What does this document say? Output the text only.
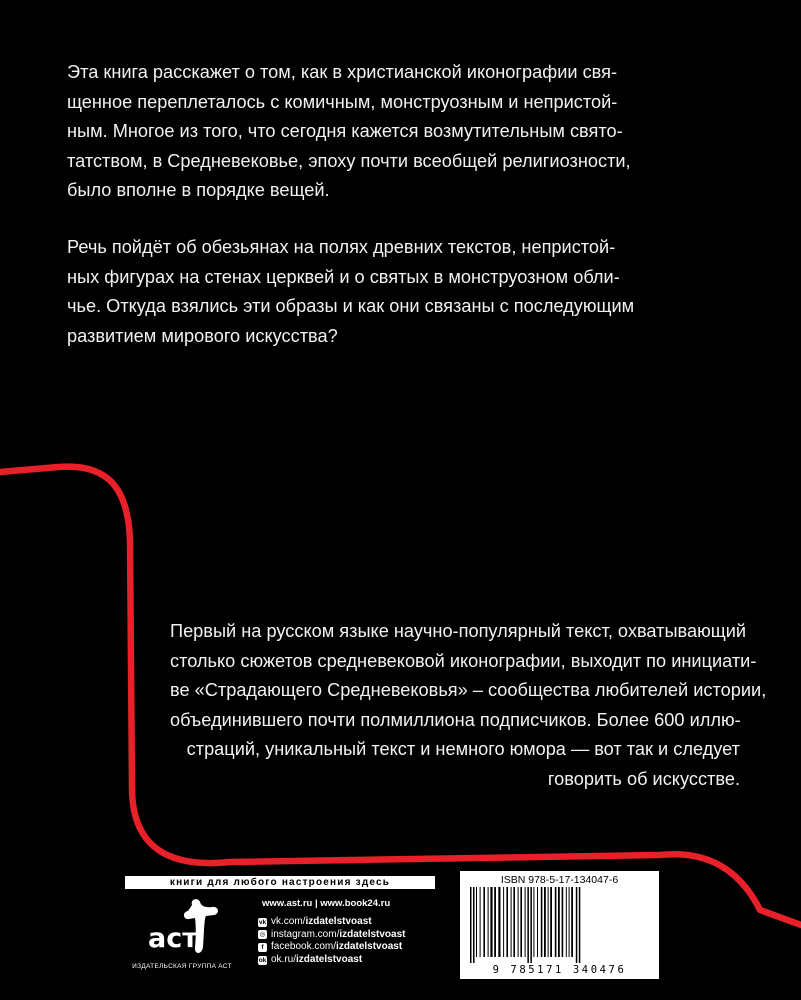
Эта книга расскажет о том, как в христианской иконографии свя-
щенное переплеталось с комичным, монструозным и непристой-
ным. Многое из того, что сегодня кажется возмутительным свято-
татством, в Средневековье, эпоху почти всеобщей религиозности,
было вполне в порядке вещей.

Речь пойдёт об обезьянах на полях древних текстов, непристой-
ных фигурах на стенах церквей и о святых в монструозном обли-
чье. Откуда взялись эти образы и как они связаны с последующим
развитием мирового искусства?

Первый на русском языке научно-популярный текст, охватывающий
столько сюжетов средневековой иконографии, выходит по инициати-
ве «Страдающего Средневековья» – сообщества любителей истории,
объединившего почти полмиллиона подписчиков. Более 600 иллю-
страций, уникальный текст и немного юмора — вот так и следует
говорить об искусстве.

книги для любого настроения здесь
аст
ИЗДАТЕЛЬСКАЯ ГРУППА АСТ
www.ast.ru | www.book24.ru
vk vk.com/ izdatelstvoast
◎ instagram.com/ izdatelstvoast
f facebook.com/ izdatelstvoast
ok ok.ru/ izdatelstvoast
ISBN 978-5-17-134047-6
9 785171 340476
